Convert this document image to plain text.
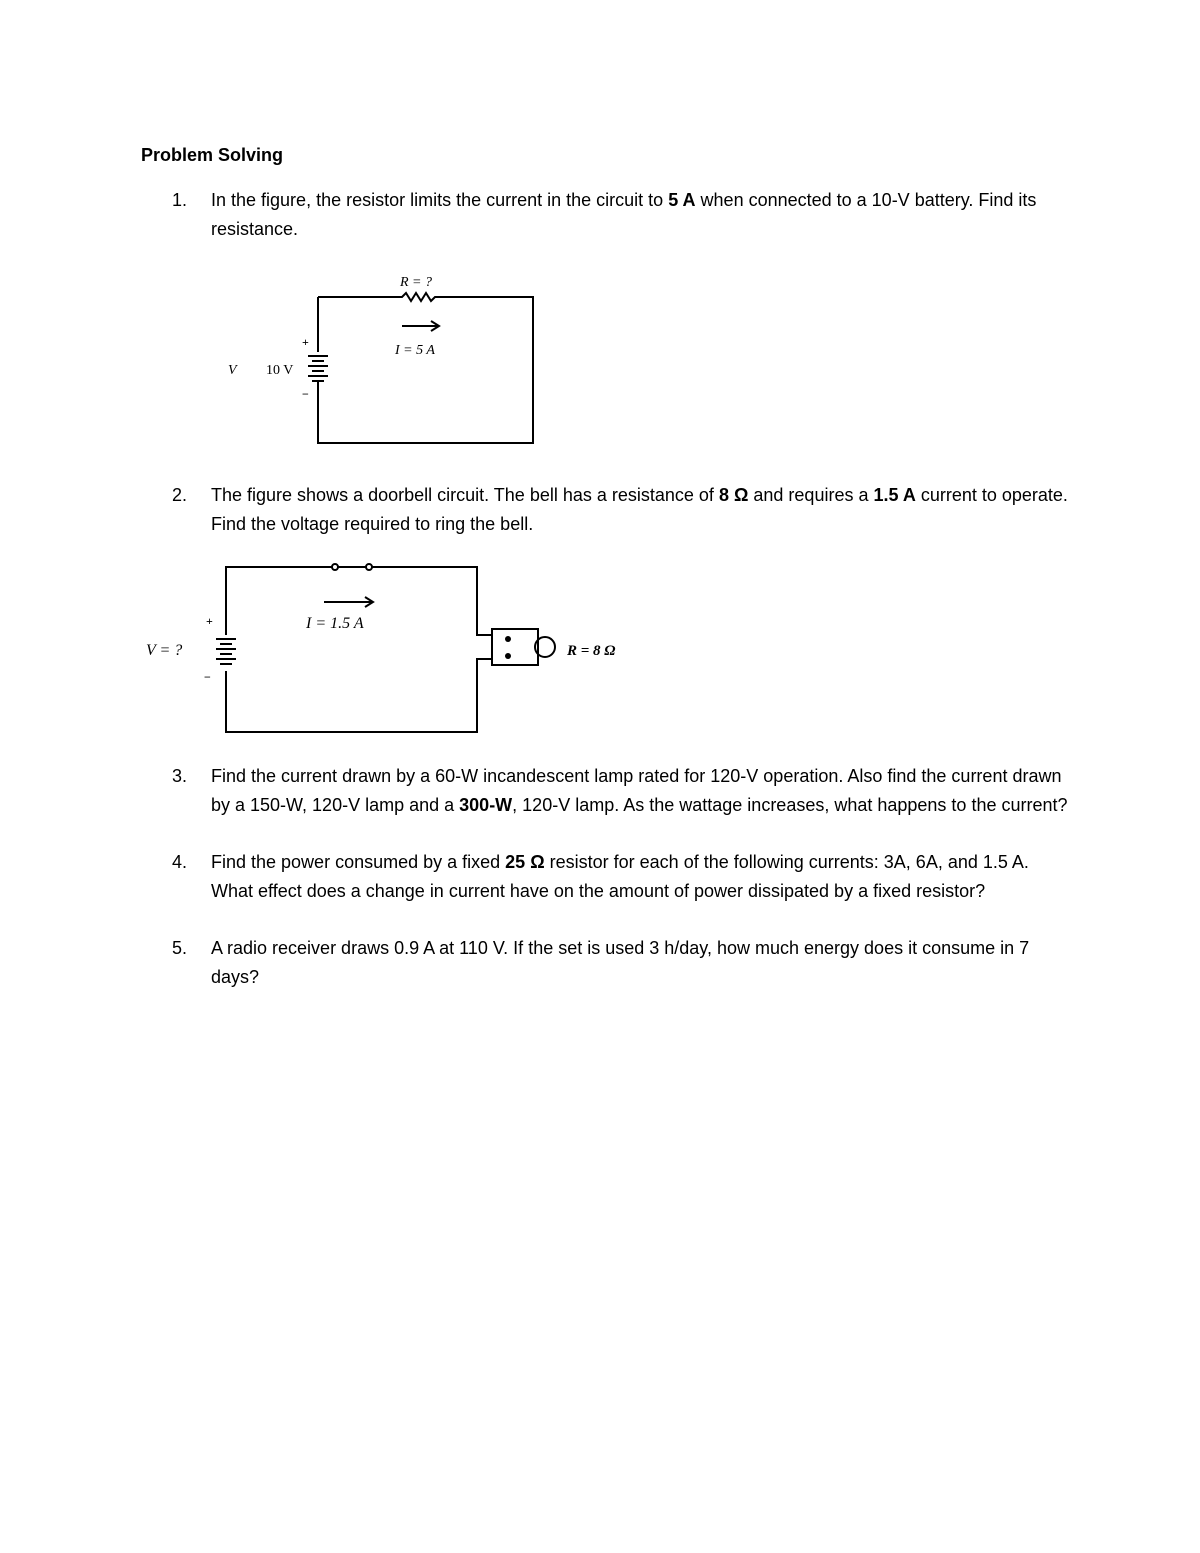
Problem Solving
1. In the figure, the resistor limits the current in the circuit to 5 A when connected to a 10-V battery. Find its resistance.
R = ?
I = 5 A
V 10 V
+
−
2. The figure shows a doorbell circuit. The bell has a resistance of 8 Ω and requires a 1.5 A current to operate. Find the voltage required to ring the bell.
I = 1.5 A
V = ?	R = 8 Ω
+
−
3. Find the current drawn by a 60-W incandescent lamp rated for 120-V operation. Also find the current drawn by a 150-W, 120-V lamp and a 300-W, 120-V lamp. As the wattage increases, what happens to the current?
4. Find the power consumed by a fixed 25 Ω resistor for each of the following currents: 3A, 6A, and 1.5 A. What effect does a change in current have on the amount of power dissipated by a fixed resistor?
5. A radio receiver draws 0.9 A at 110 V. If the set is used 3 h/day, how much energy does it consume in 7 days?
